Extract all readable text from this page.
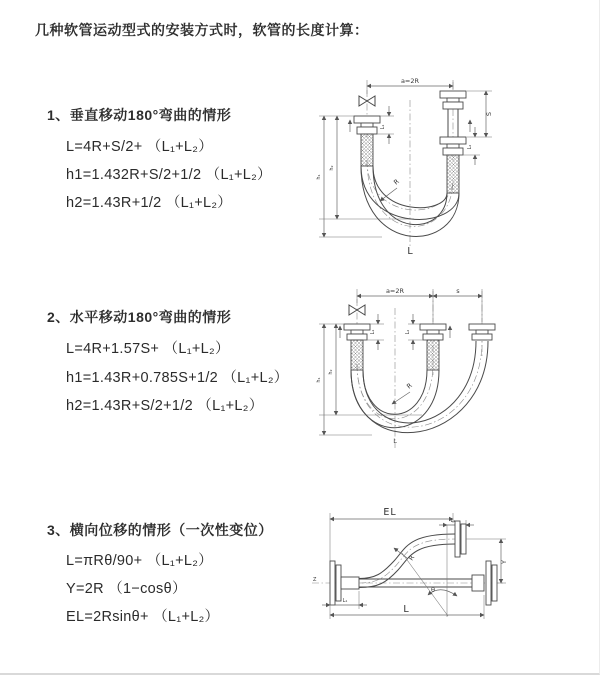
几种软管运动型式的安装方式时，软管的长度计算：
1、垂直移动180°弯曲的情形
L=4R+S/2+ （L₁+L₂）
h1=1.432R+S/2+1/2 （L₁+L₂）
h2=1.43R+1/2 （L₁+L₂）
2、水平移动180°弯曲的情形
L=4R+1.57S+ （L₁+L₂）
h1=1.43R+0.785S+1/2 （L₁+L₂）
h2=1.43R+S/2+1/2 （L₁+L₂）
3、横向位移的情形（一次性变位）
L=πRθ/90+ （L₁+L₂）
Y=2R （1−cosθ）
EL=2Rsinθ+ （L₁+L₂）
a=2R
L₁
S
L₂
h₁
h₂
R
L
a=2R	s
L₁	L₂
h₁
h₂
R
L
Z
EL
L₂
θ
R	Y
L₁
L
